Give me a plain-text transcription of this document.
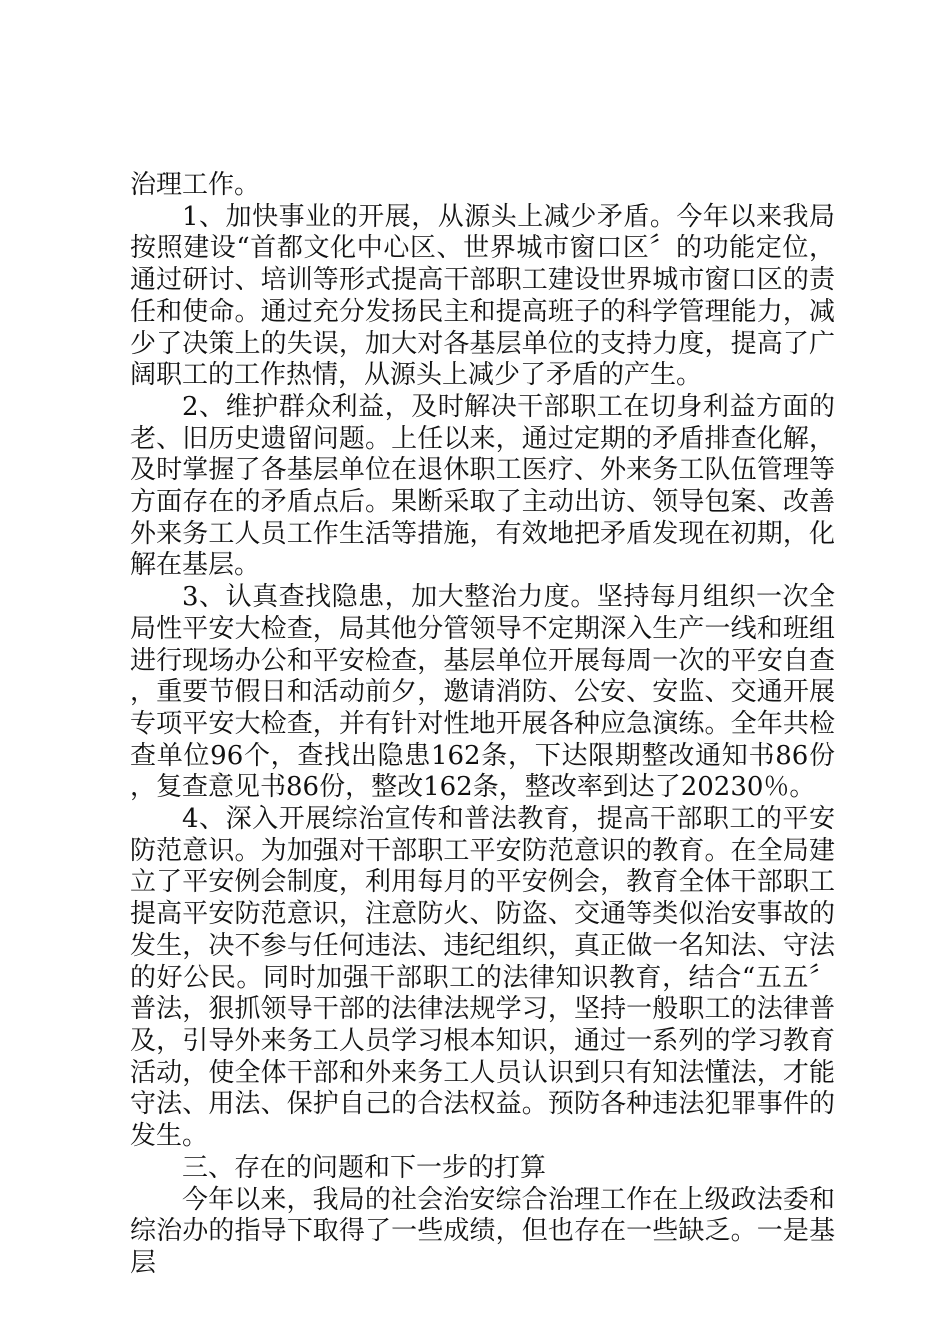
治理工作。

1、加快事业的开展，从源头上减少矛盾。今年以来我局按照建设“首都文化中心区、世界城市窗口区〞的功能定位，通过研讨、培训等形式提高干部职工建设世界城市窗口区的责任和使命。通过充分发扬民主和提高班子的科学管理能力，减少了决策上的失误，加大对各基层单位的支持力度，提高了广阔职工的工作热情，从源头上减少了矛盾的产生。

2、维护群众利益，及时解决干部职工在切身利益方面的老、旧历史遗留问题。上任以来，通过定期的矛盾排查化解，及时掌握了各基层单位在退休职工医疗、外来务工队伍管理等方面存在的矛盾点后。果断采取了主动出访、领导包案、改善外来务工人员工作生活等措施，有效地把矛盾发现在初期，化解在基层。

3、认真查找隐患，加大整治力度。坚持每月组织一次全局性平安大检查，局其他分管领导不定期深入生产一线和班组进行现场办公和平安检查，基层单位开展每周一次的平安自查，重要节假日和活动前夕，邀请消防、公安、安监、交通开展专项平安大检查，并有针对性地开展各种应急演练。全年共检查单位96个，查找出隐患162条，下达限期整改通知书86份，复查意见书86份，整改162条，整改率到达了20230％。

4、深入开展综治宣传和普法教育，提高干部职工的平安防范意识。为加强对干部职工平安防范意识的教育。在全局建立了平安例会制度，利用每月的平安例会，教育全体干部职工提高平安防范意识，注意防火、防盗、交通等类似治安事故的发生，决不参与任何违法、违纪组织，真正做一名知法、守法的好公民。同时加强干部职工的法律知识教育，结合“五五〞普法，狠抓领导干部的法律法规学习，坚持一般职工的法律普及，引导外来务工人员学习根本知识，通过一系列的学习教育活动，使全体干部和外来务工人员认识到只有知法懂法，才能守法、用法、保护自己的合法权益。预防各种违法犯罪事件的发生。

三、存在的问题和下一步的打算

今年以来，我局的社会治安综合治理工作在上级政法委和综治办的指导下取得了一些成绩，但也存在一些缺乏。一是基层
